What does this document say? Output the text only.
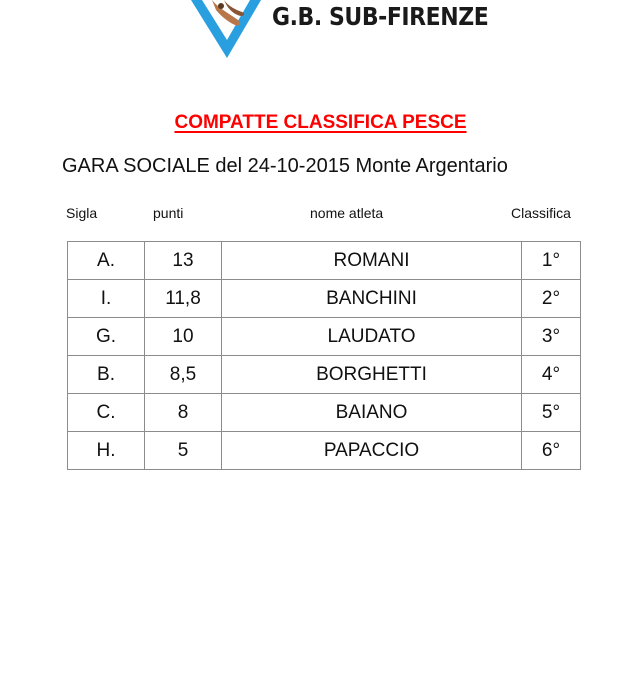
G.B. SUB-FIRENZE
COMPATTE CLASSIFICA PESCE
GARA SOCIALE del 24-10-2015 Monte Argentario
Sigla	punti	nome atleta	Classifica
A.	13	ROMANI	1°
I.	11,8	BANCHINI	2°
G.	10	LAUDATO	3°
B.	8,5	BORGHETTI	4°
C.	8	BAIANO	5°
H.	5	PAPACCIO	6°
